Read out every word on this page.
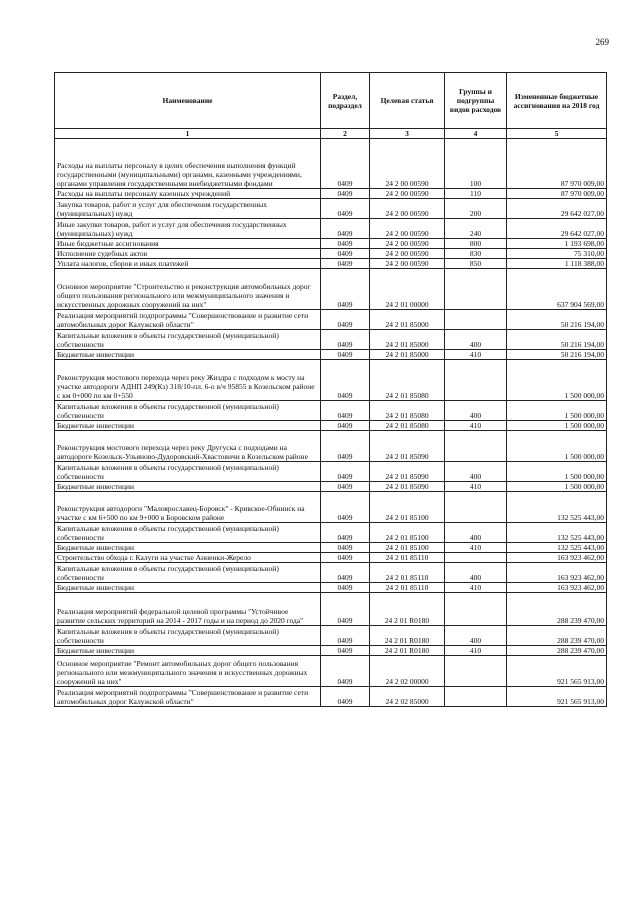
269
Наименование	Раздел, подраздел	Целевая статья	Группы и подгруппы видов расходов	Измененные бюджетные ассигнования на 2018 год
1	2	3	4	5
Расходы на выплаты персоналу в целях обеспечения выполнения функций государственными (муниципальными) органами, казенными учреждениями, органами управления государственными внебюджетными фондами	0409	24 2 00 00590	100	87 970 009,00
Расходы на выплаты персоналу казенных учреждений	0409	24 2 00 00590	110	87 970 009,00
Закупка товаров, работ и услуг для обеспечения государственных (муниципальных) нужд	0409	24 2 00 00590	200	29 642 027,00
Иные закупки товаров, работ и услуг для обеспечения государственных (муниципальных) нужд	0409	24 2 00 00590	240	29 642 027,00
Иные бюджетные ассигнования	0409	24 2 00 00590	800	1 193 698,00
Исполнение судебных актов	0409	24 2 00 00590	830	75 310,00
Уплата налогов, сборов и иных платежей	0409	24 2 00 00590	850	1 118 388,00
Основное мероприятие "Строительство и реконструкция автомобильных дорог общего пользования регионального или межмуниципального значения и искусственных дорожных сооружений на них"	0409	24 2 01 00000		637 904 569,00
Реализация мероприятий подпрограммы "Совершенствование и развитие сети автомобильных дорог Калужской области"	0409	24 2 01 85000		50 216 194,00
Капитальные вложения в объекты государственной (муниципальной) собственности	0409	24 2 01 85000	400	50 216 194,00
Бюджетные инвестиции	0409	24 2 01 85000	410	50 216 194,00
Реконструкция мостового перехода через реку Жиздра с подходом к мосту на участке автодороги АДНП 249(Кз) 318/10-пл. 6-о в/ч 95855 в Козельском районе с км 0+000 по км 0+550	0409	24 2 01 85080		1 500 000,00
Капитальные вложения в объекты государственной (муниципальной) собственности	0409	24 2 01 85080	400	1 500 000,00
Бюджетные инвестиции	0409	24 2 01 85080	410	1 500 000,00
Реконструкция мостового перехода через реку Другуска с подходами на автодороге Козельск-Ульяново-Дудоровский-Хвастовичи в Козельском районе	0409	24 2 01 85090		1 500 000,00
Капитальные вложения в объекты государственной (муниципальной) собственности	0409	24 2 01 85090	400	1 500 000,00
Бюджетные инвестиции	0409	24 2 01 85090	410	1 500 000,00
Реконструкция автодороги "Малоярославец-Боровск" - Кривское-Обнинск на участке с км 6+500 по км 9+000 в Боровском районе	0409	24 2 01 85100		132 525 443,00
Капитальные вложения в объекты государственной (муниципальной) собственности	0409	24 2 01 85100	400	132 525 443,00
Бюджетные инвестиции	0409	24 2 01 85100	410	132 525 443,00
Строительство обхода г. Калуги на участке Анненки-Жерело	0409	24 2 01 85110		163 923 462,00
Капитальные вложения в объекты государственной (муниципальной) собственности	0409	24 2 01 85110	400	163 923 462,00
Бюджетные инвестиции	0409	24 2 01 85110	410	163 923 462,00
Реализация мероприятий федеральной целевой программы "Устойчивое развитие сельских территорий на 2014 - 2017 годы и на период до 2020 года"	0409	24 2 01 R0180		288 239 470,00
Капитальные вложения в объекты государственной (муниципальной) собственности	0409	24 2 01 R0180	400	288 239 470,00
Бюджетные инвестиции	0409	24 2 01 R0180	410	288 239 470,00
Основное мероприятие "Ремонт автомобильных дорог общего пользования регионального или межмуниципального значения и искусственных дорожных сооружений на них"	0409	24 2 02 00000		921 565 913,00
Реализация мероприятий подпрограммы "Совершенствование и развитие сети автомобильных дорог Калужской области"	0409	24 2 02 85000		921 565 913,00
